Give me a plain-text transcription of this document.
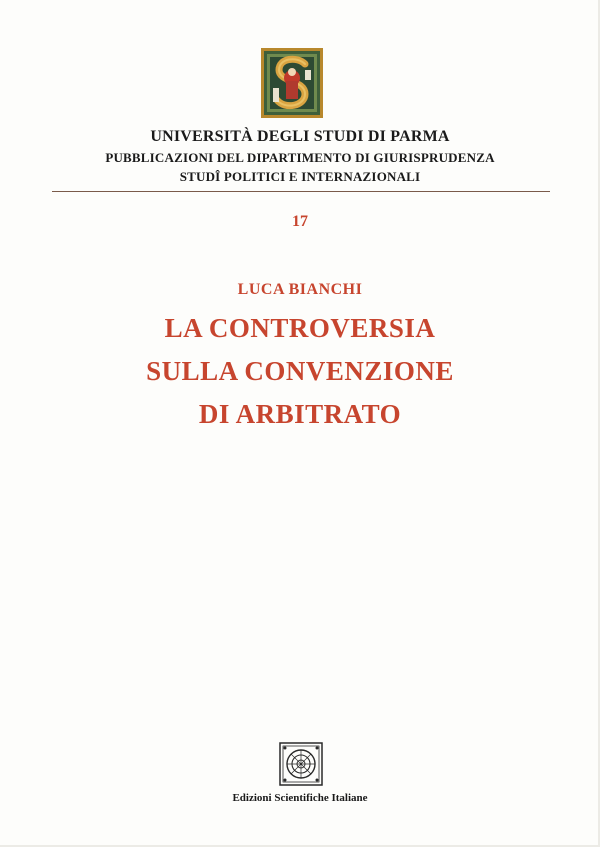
UNIVERSITÀ DEGLI STUDI DI PARMA
PUBBLICAZIONI DEL DIPARTIMENTO DI GIURISPRUDENZA
STUDÎ POLITICI E INTERNAZIONALI
17
LUCA BIANCHI
LA CONTROVERSIA
SULLA CONVENZIONE
DI ARBITRATO
Edizioni Scientifiche Italiane
